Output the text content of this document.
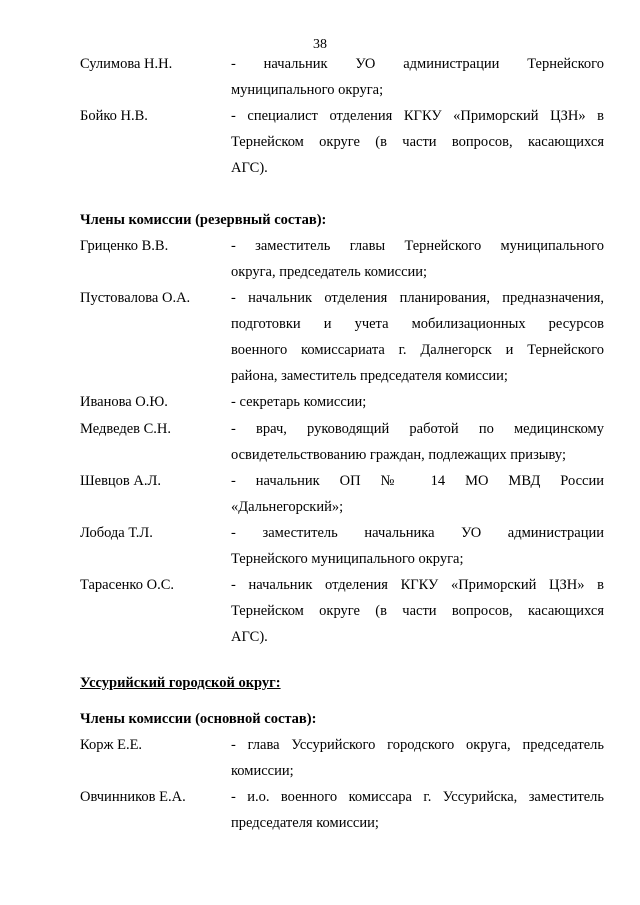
38
Сулимова Н.Н.	- начальник УО администрации Тернейского
муниципального округа;
Бойко Н.В.	- специалист отделения КГКУ «Приморский ЦЗН» в
Тернейском округе (в части вопросов, касающихся
АГС).
Члены комиссии (резервный состав):
Гриценко В.В.	- заместитель главы Тернейского муниципального
округа, председатель комиссии;
Пустовалова О.А.	- начальник отделения планирования, предназначения,
подготовки и учета мобилизационных ресурсов
военного комиссариата г. Далнегорск и Тернейского
района, заместитель председателя комиссии;
Иванова О.Ю.	- секретарь комиссии;
Медведев С.Н.	- врач, руководящий работой по медицинскому
освидетельствованию граждан, подлежащих призыву;
Шевцов А.Л.	- начальник ОП № 14 МО МВД России
«Дальнегорский»;
Лобода Т.Л.	- заместитель начальника УО администрации
Тернейского муниципального округа;
Тарасенко О.С.	- начальник отделения КГКУ «Приморский ЦЗН» в
Тернейском округе (в части вопросов, касающихся
АГС).
Уссурийский городской округ:
Члены комиссии (основной состав):
Корж Е.Е.	- глава Уссурийского городского округа, председатель
комиссии;
Овчинников Е.А.	- и.о. военного комиссара г. Уссурийска, заместитель
председателя комиссии;
